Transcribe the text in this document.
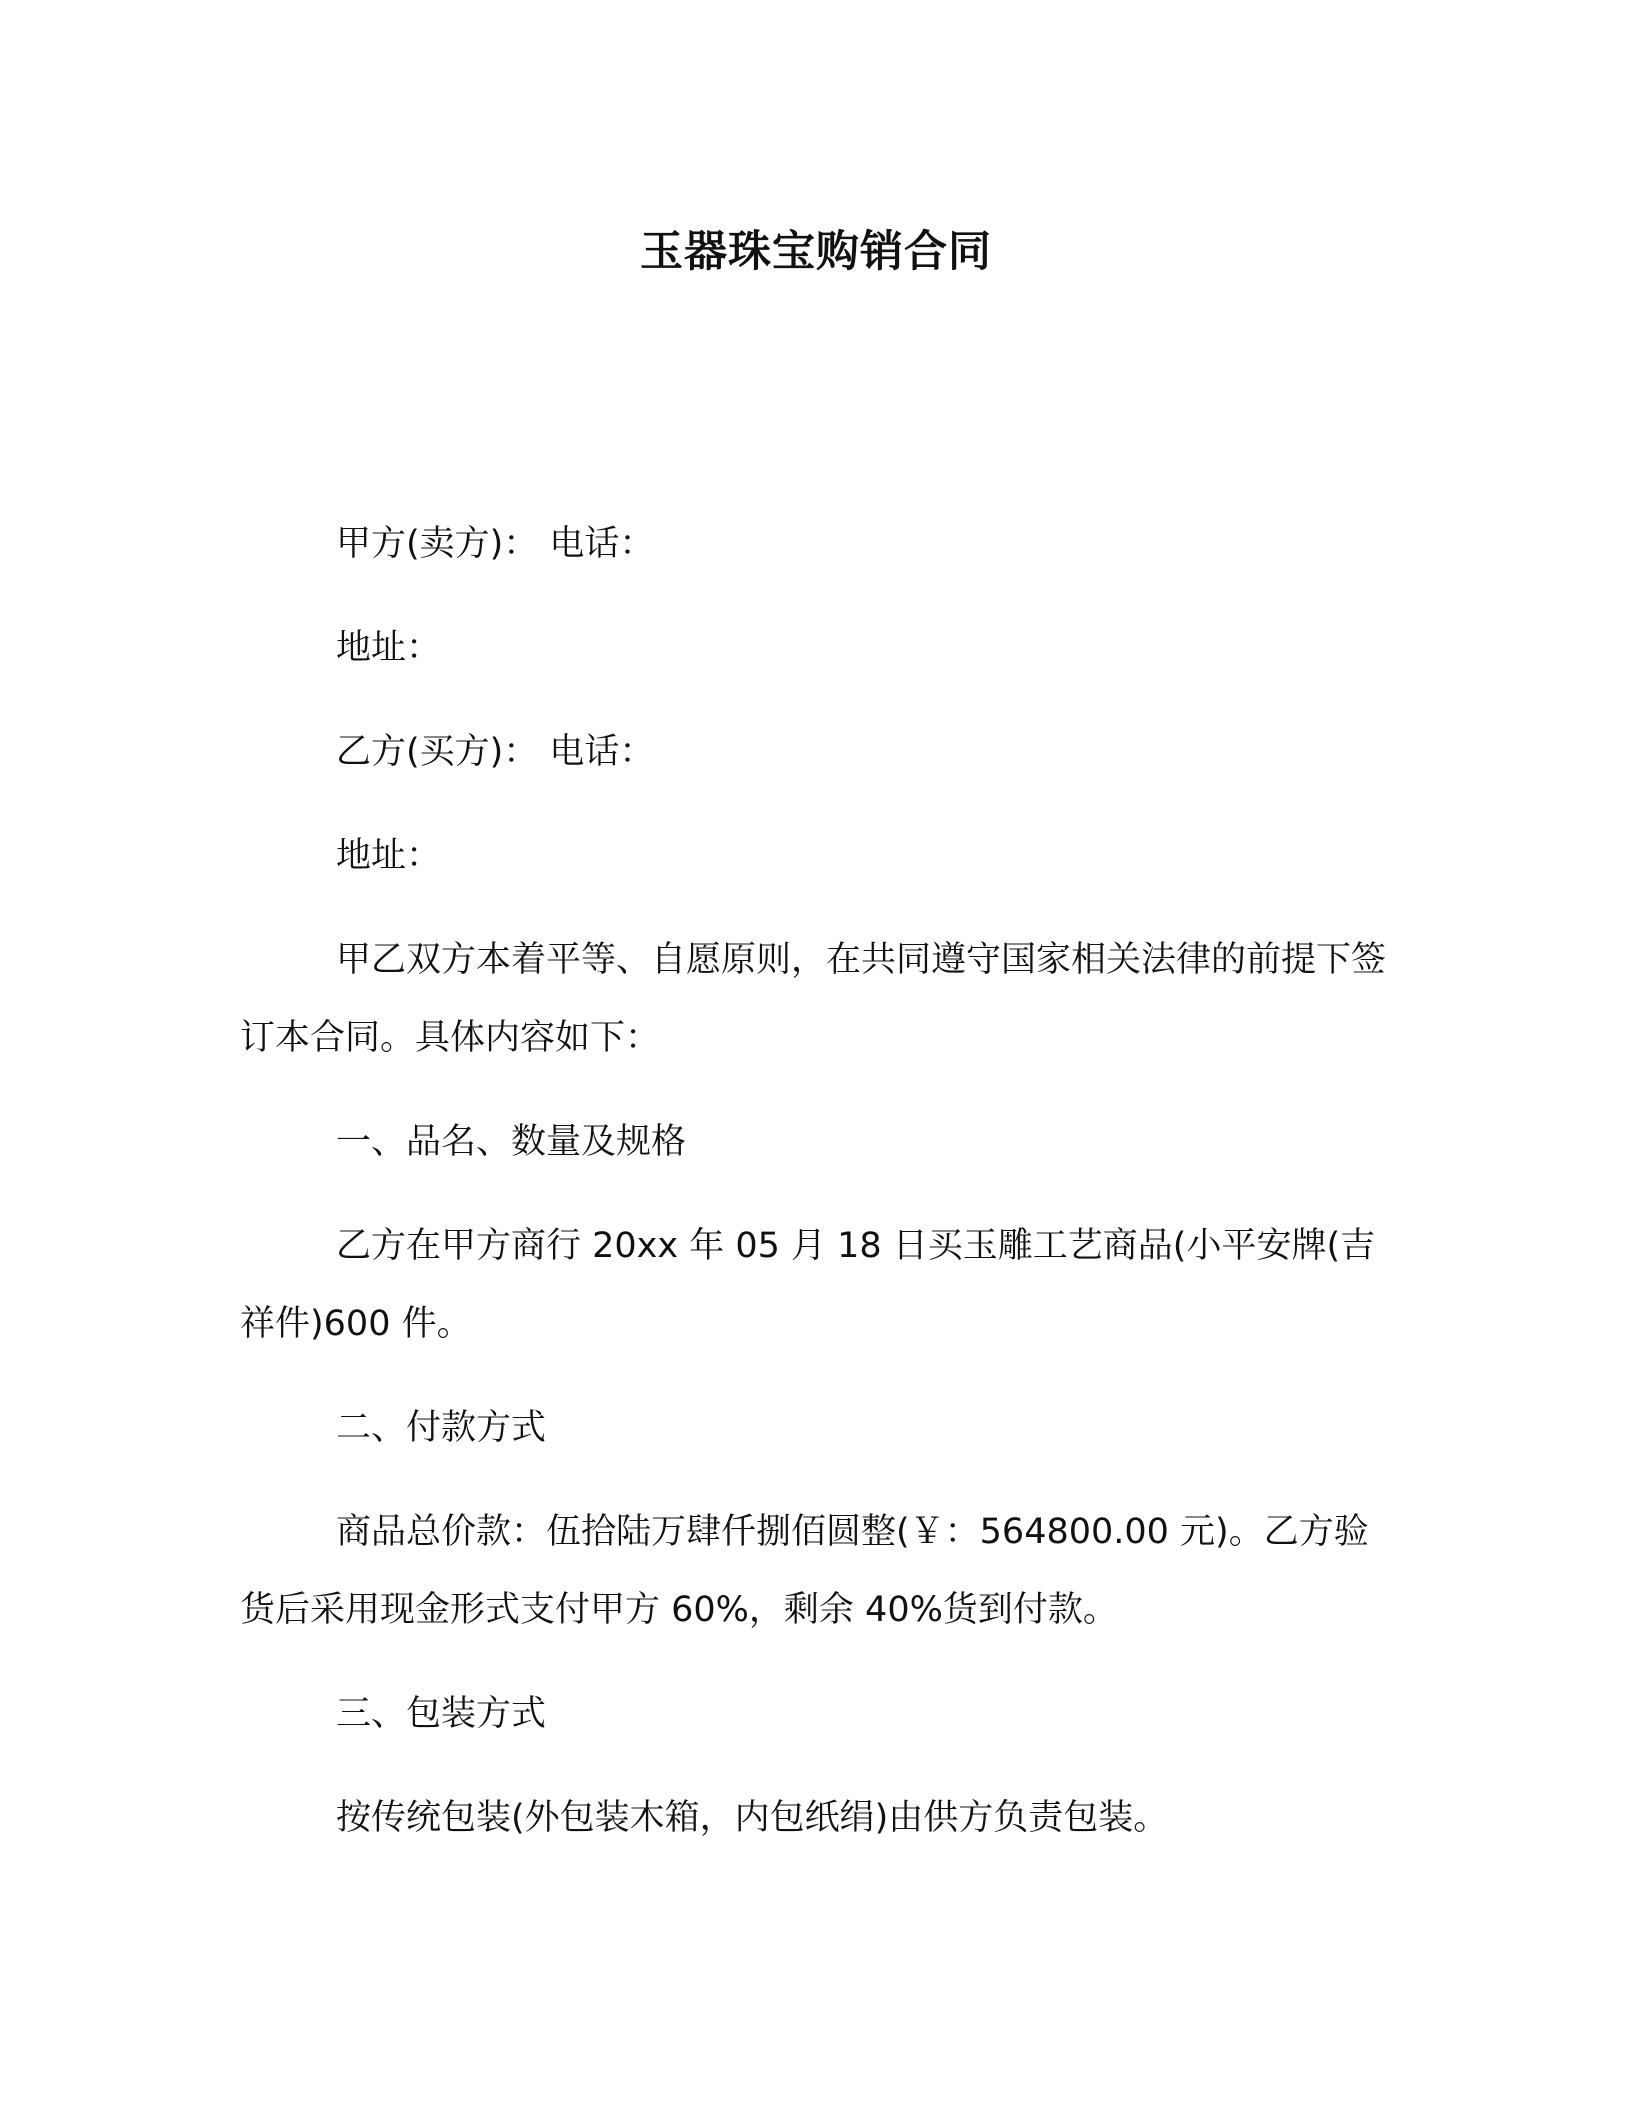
玉器珠宝购销合同

甲方(卖方)： 电话：

地址：

乙方(买方)： 电话：

地址：

甲乙双方本着平等、自愿原则，在共同遵守国家相关法律的前提下签订本合同。具体内容如下：

一、品名、数量及规格

乙方在甲方商行 20xx 年 05 月 18 日买玉雕工艺商品(小平安牌(吉祥件)600 件。

二、付款方式

商品总价款：伍拾陆万肆仟捌佰圆整(￥：564800.00 元)。乙方验货后采用现金形式支付甲方 60%，剩余 40%货到付款。

三、包装方式

按传统包装(外包装木箱，内包纸绢)由供方负责包装。
